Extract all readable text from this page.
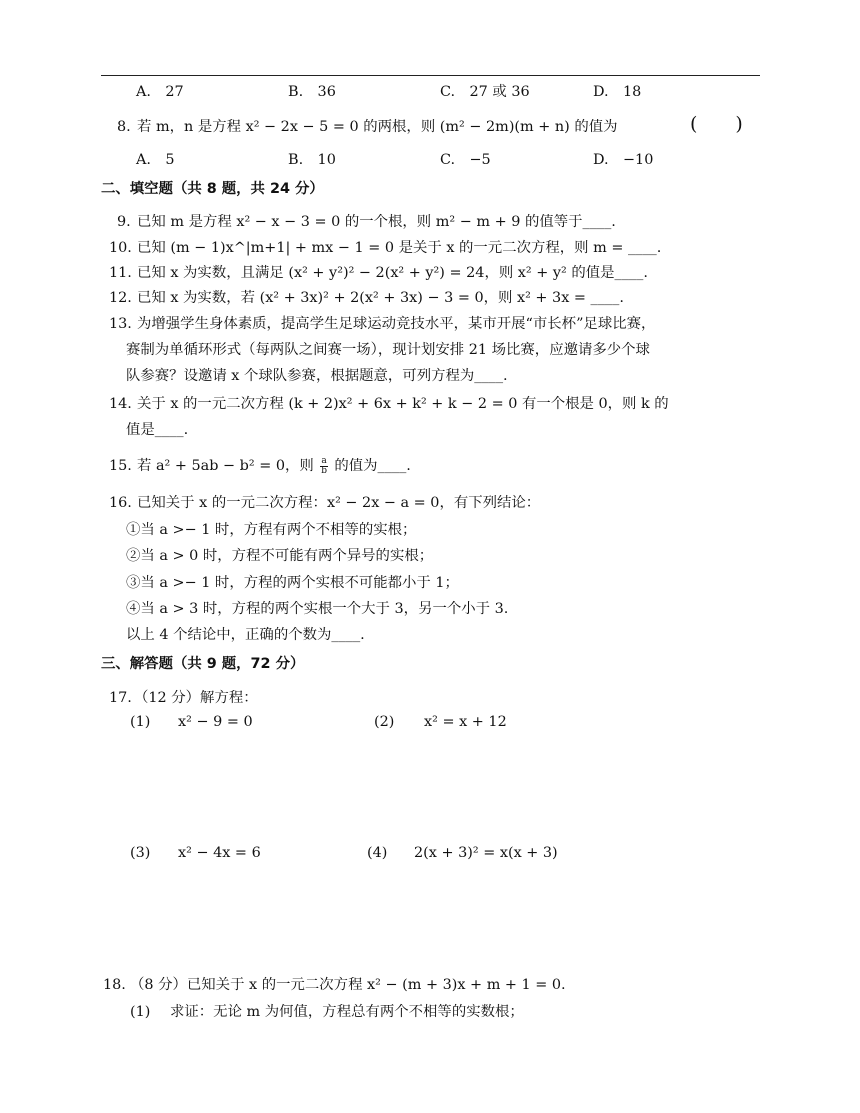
A.　27	B.　36	C.　27 或 36	D.　18
8. 若 m，n 是方程 x² − 2x − 5 = 0 的两根，则 (m² − 2m)(m + n) 的值为	(　　)
A.　5	B.　10	C.　−5	D.　−10
二、填空题（共 8 题，共 24 分）
9. 已知 m 是方程 x² − x − 3 = 0 的一个根，则 m² − m + 9 的值等于____.
10. 已知 (m − 1)x^|m+1| + mx − 1 = 0 是关于 x 的一元二次方程，则 m = ____.
11. 已知 x 为实数，且满足 (x² + y²)² − 2(x² + y²) = 24，则 x² + y² 的值是____.
12. 已知 x 为实数，若 (x² + 3x)² + 2(x² + 3x) − 3 = 0，则 x² + 3x = ____.
13. 为增强学生身体素质，提高学生足球运动竞技水平，某市开展“市长杯”足球比赛，
赛制为单循环形式（每两队之间赛一场），现计划安排 21 场比赛，应邀请多少个球
队参赛？设邀请 x 个球队参赛，根据题意，可列方程为____.
14. 关于 x 的一元二次方程 (k + 2)x² + 6x + k² + k − 2 = 0 有一个根是 0，则 k 的
值是____.
15. 若 a² + 5ab − b² = 0，则 $\frac{a}{b}$ 的值为____.
16. 已知关于 x 的一元二次方程：x² − 2x − a = 0，有下列结论：
①当 a >− 1 时，方程有两个不相等的实根；
②当 a > 0 时，方程不可能有两个异号的实根；
③当 a >− 1 时，方程的两个实根不可能都小于 1；
④当 a > 3 时，方程的两个实根一个大于 3，另一个小于 3.
以上 4 个结论中，正确的个数为____.
三、解答题（共 9 题，72 分）
17. （12 分）解方程：
(1) x² − 9 = 0	(2) x² = x + 12
(3) x² − 4x = 6	(4) 2(x + 3)² = x(x + 3)
18. （8 分）已知关于 x 的一元二次方程 x² − (m + 3)x + m + 1 = 0.
(1) 求证：无论 m 为何值，方程总有两个不相等的实数根；
